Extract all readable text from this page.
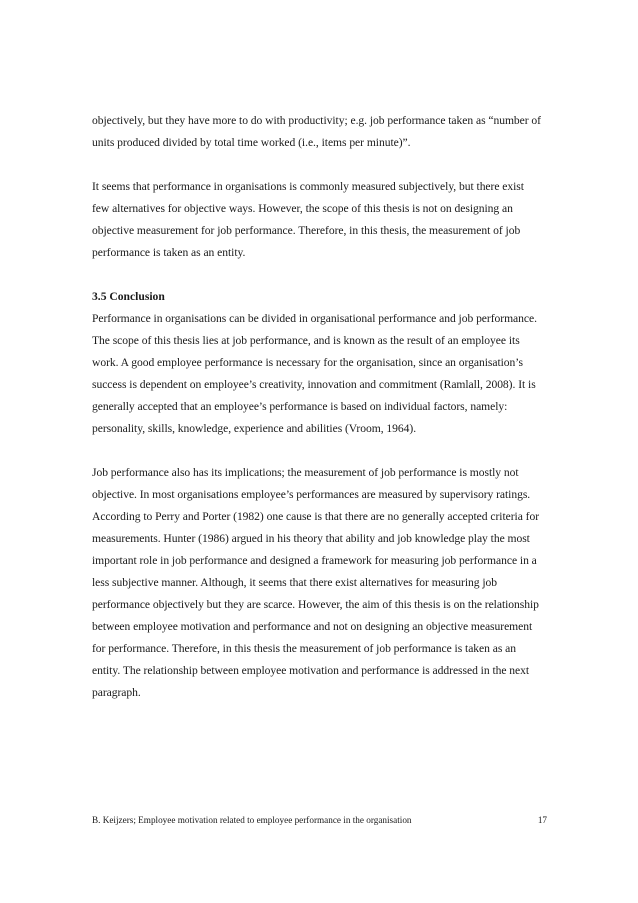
objectively, but they have more to do with productivity; e.g. job performance taken as “number of
units produced divided by total time worked (i.e., items per minute)”.
It seems that performance in organisations is commonly measured subjectively, but there exist
few alternatives for objective ways. However, the scope of this thesis is not on designing an
objective measurement for job performance. Therefore, in this thesis, the measurement of job
performance is taken as an entity.
3.5 Conclusion
Performance in organisations can be divided in organisational performance and job performance.
The scope of this thesis lies at job performance, and is known as the result of an employee its
work. A good employee performance is necessary for the organisation, since an organisation’s
success is dependent on employee’s creativity, innovation and commitment (Ramlall, 2008). It is
generally accepted that an employee’s performance is based on individual factors, namely:
personality, skills, knowledge, experience and abilities (Vroom, 1964).
Job performance also has its implications; the measurement of job performance is mostly not
objective. In most organisations employee’s performances are measured by supervisory ratings.
According to Perry and Porter (1982) one cause is that there are no generally accepted criteria for
measurements. Hunter (1986) argued in his theory that ability and job knowledge play the most
important role in job performance and designed a framework for measuring job performance in a
less subjective manner. Although, it seems that there exist alternatives for measuring job
performance objectively but they are scarce. However, the aim of this thesis is on the relationship
between employee motivation and performance and not on designing an objective measurement
for performance. Therefore, in this thesis the measurement of job performance is taken as an
entity. The relationship between employee motivation and performance is addressed in the next
paragraph.
B. Keijzers; Employee motivation related to employee performance in the organisation	17
